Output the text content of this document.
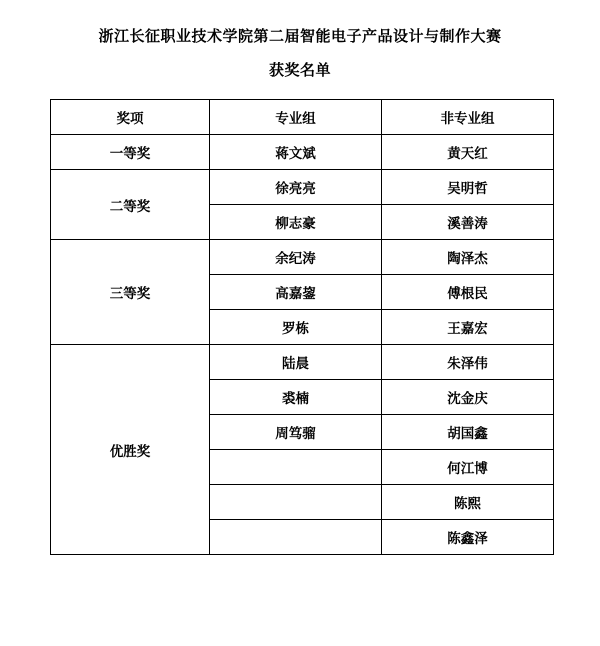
浙江长征职业技术学院第二届智能电子产品设计与制作大赛
获奖名单
奖项	专业组	非专业组
一等奖	蒋文斌	黄天红
二等奖	徐亮亮	吴明哲
	柳志豪	溪善涛
三等奖	余纪涛	陶泽杰
	高嘉鋆	傅根民
	罗栋	王嘉宏
优胜奖	陆晨	朱泽伟
	裘楠	沈金庆
	周笃骝	胡国鑫
		何江博
		陈熙
		陈鑫泽
